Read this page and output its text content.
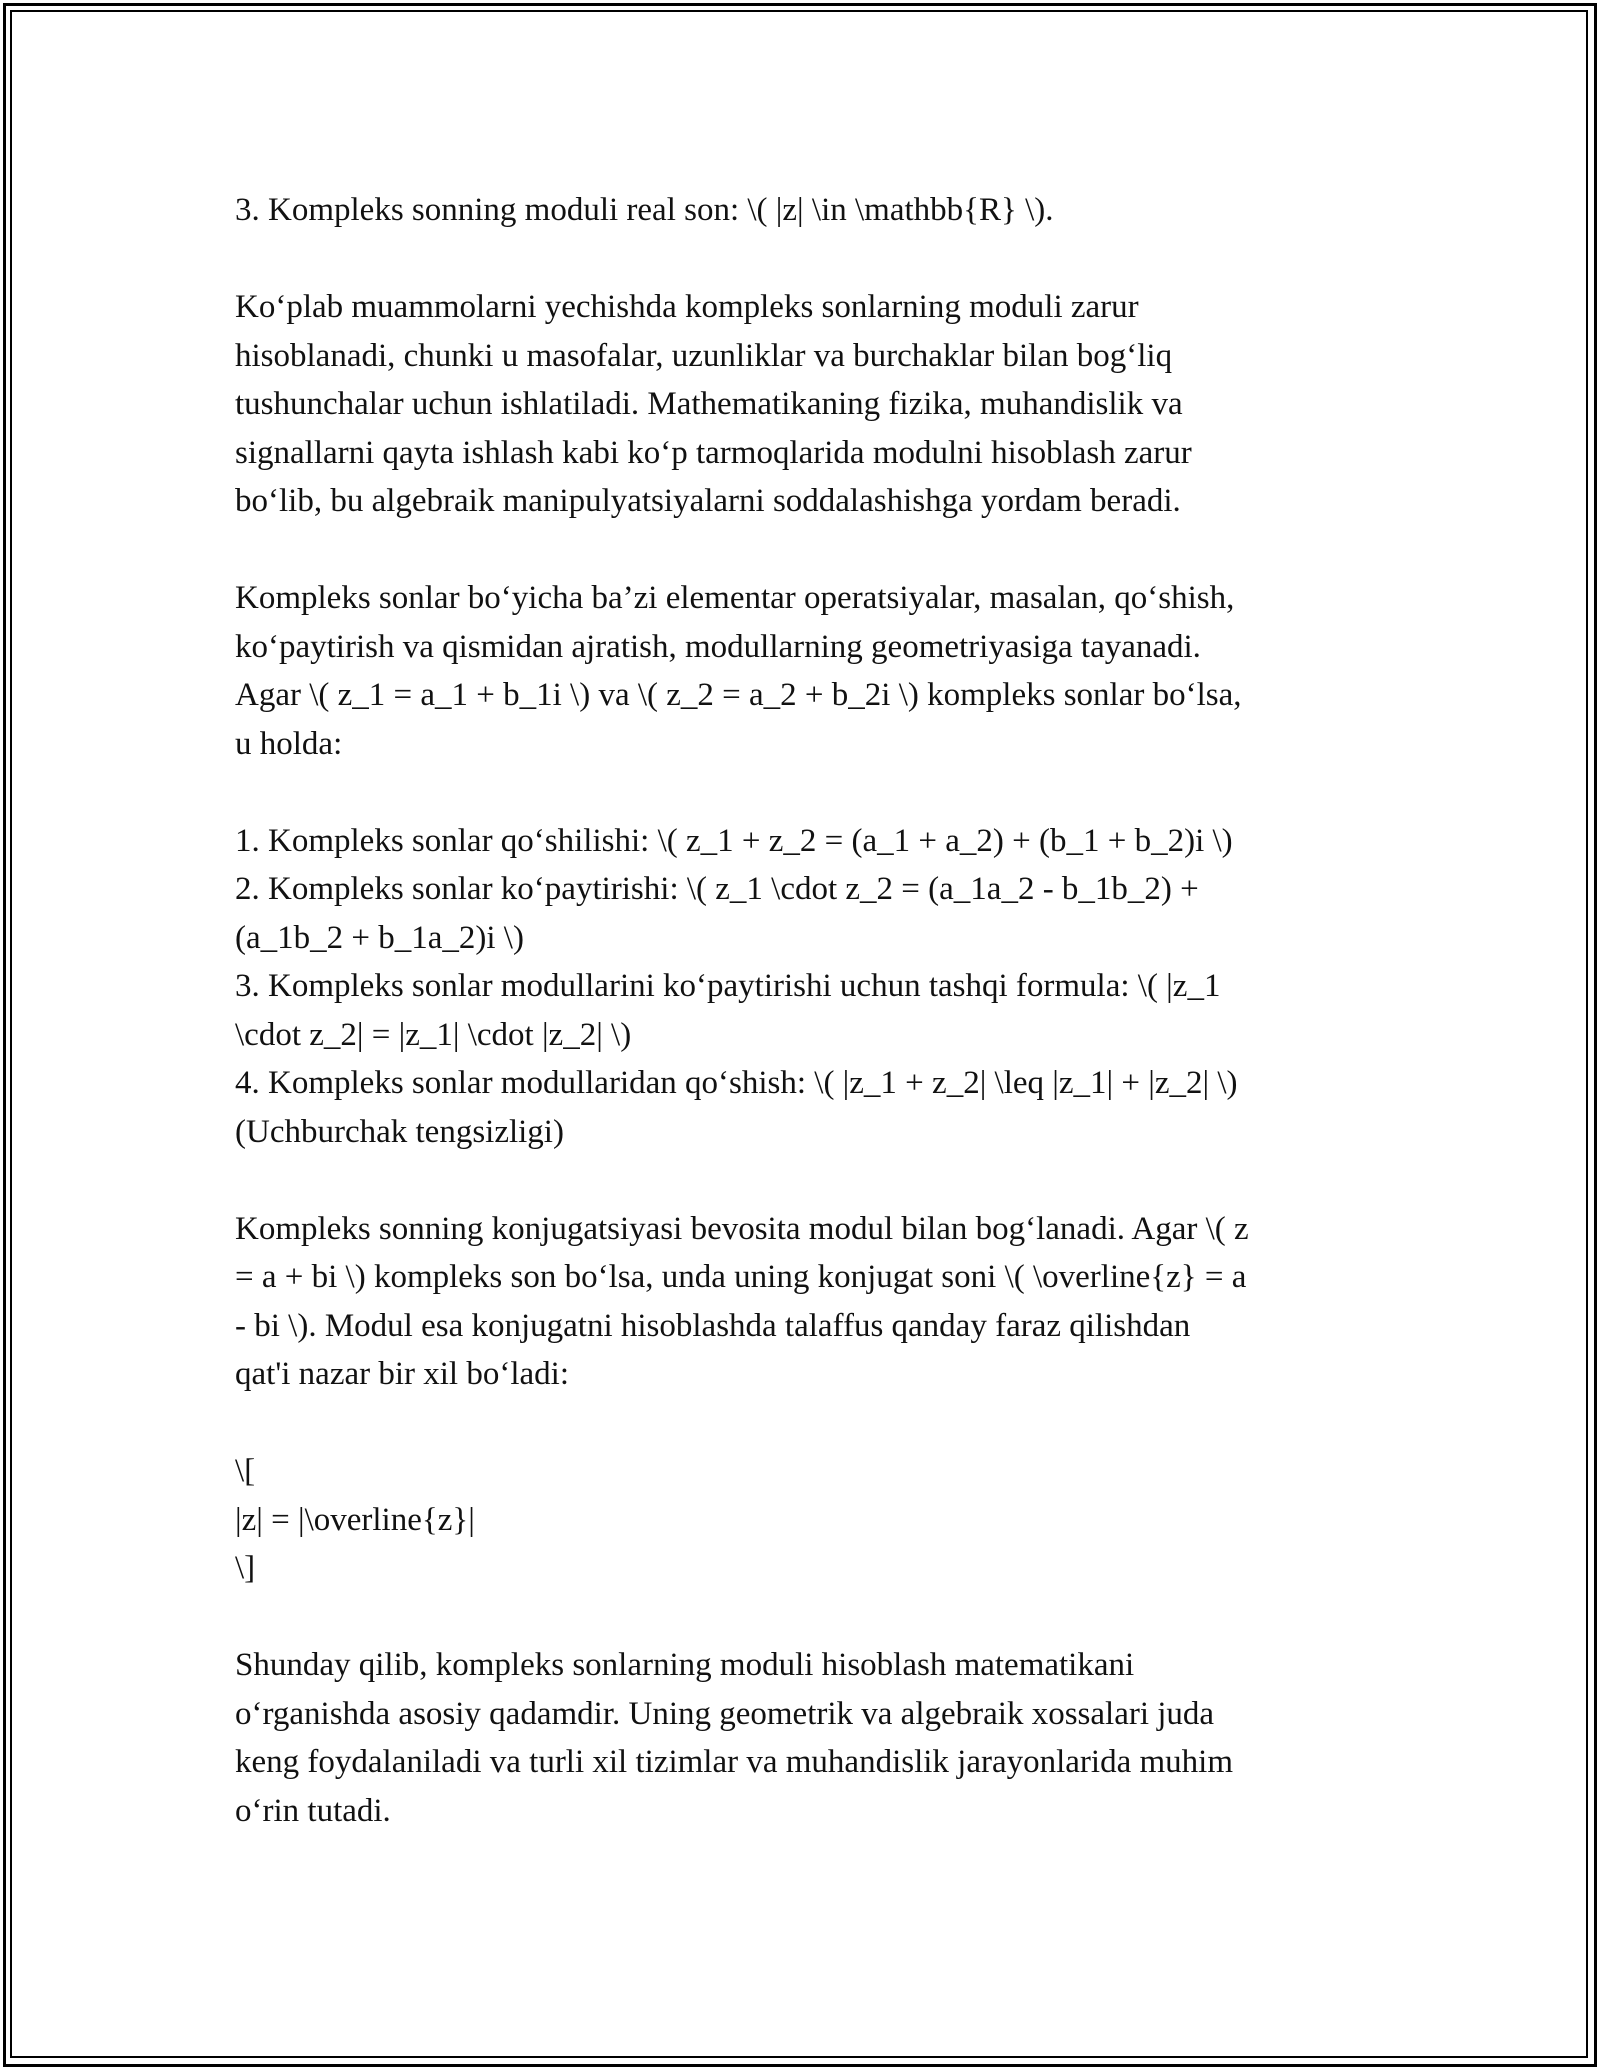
3. Kompleks sonning moduli real son: \( |z| \in \mathbb{R} \).

Ko‘plab muammolarni yechishda kompleks sonlarning moduli zarur
hisoblanadi, chunki u masofalar, uzunliklar va burchaklar bilan bog‘liq
tushunchalar uchun ishlatiladi. Mathematikaning fizika, muhandislik va
signallarni qayta ishlash kabi ko‘p tarmoqlarida modulni hisoblash zarur
bo‘lib, bu algebraik manipulyatsiyalarni soddalashishga yordam beradi.

Kompleks sonlar bo‘yicha ba’zi elementar operatsiyalar, masalan, qo‘shish,
ko‘paytirish va qismidan ajratish, modullarning geometriyasiga tayanadi.
Agar \( z_1 = a_1 + b_1i \) va \( z_2 = a_2 + b_2i \) kompleks sonlar bo‘lsa,
u holda:

1. Kompleks sonlar qo‘shilishi: \( z_1 + z_2 = (a_1 + a_2) + (b_1 + b_2)i \)
2. Kompleks sonlar ko‘paytirishi: \( z_1 \cdot z_2 = (a_1a_2 - b_1b_2) +
(a_1b_2 + b_1a_2)i \)
3. Kompleks sonlar modullarini ko‘paytirishi uchun tashqi formula: \( |z_1
\cdot z_2| = |z_1| \cdot |z_2| \)
4. Kompleks sonlar modullaridan qo‘shish: \( |z_1 + z_2| \leq |z_1| + |z_2| \)
(Uchburchak tengsizligi)

Kompleks sonning konjugatsiyasi bevosita modul bilan bog‘lanadi. Agar \( z
= a + bi \) kompleks son bo‘lsa, unda uning konjugat soni \( \overline{z} = a
- bi \). Modul esa konjugatni hisoblashda talaffus qanday faraz qilishdan
qat'i nazar bir xil bo‘ladi:

\[
|z| = |\overline{z}|
\]

Shunday qilib, kompleks sonlarning moduli hisoblash matematikani
o‘rganishda asosiy qadamdir. Uning geometrik va algebraik xossalari juda
keng foydalaniladi va turli xil tizimlar va muhandislik jarayonlarida muhim
o‘rin tutadi.
